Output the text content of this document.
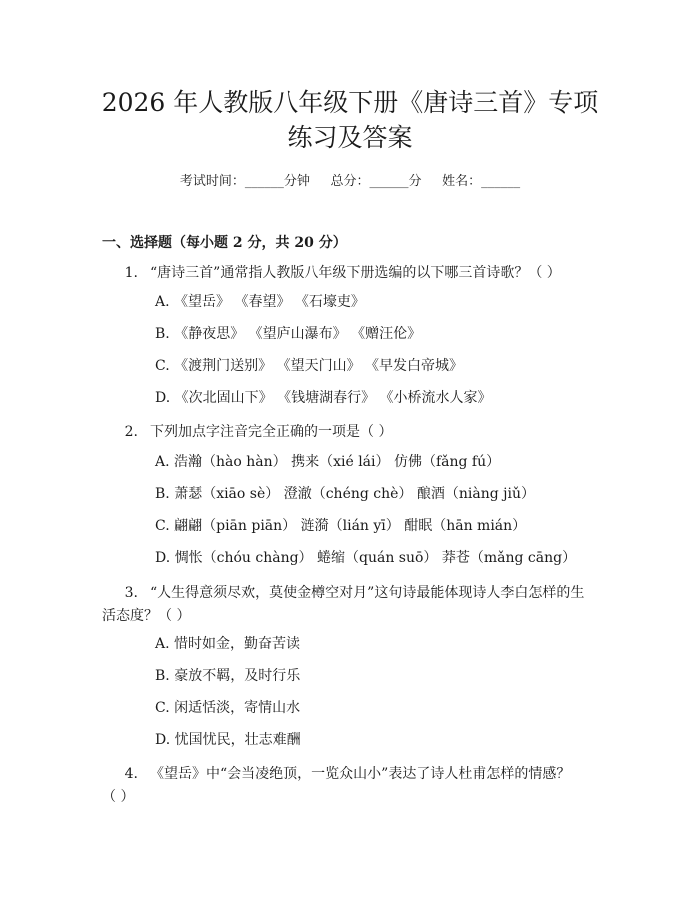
2026 年人教版八年级下册《唐诗三首》专项
练习及答案
考试时间：______分钟     总分：______分     姓名：______
一、选择题（每小题 2 分，共 20 分）
1. “唐诗三首”通常指人教版八年级下册选编的以下哪三首诗歌？（ ）
A. 《望岳》 《春望》 《石壕吏》
B. 《静夜思》 《望庐山瀑布》 《赠汪伦》
C. 《渡荆门送别》 《望天门山》 《早发白帝城》
D. 《次北固山下》 《钱塘湖春行》 《小桥流水人家》
2. 下列加点字注音完全正确的一项是（ ）
A. 浩瀚（hào hàn） 携来（xié lái） 仿佛（fǎng fú）
B. 萧瑟（xiāo sè） 澄澈（chéng chè） 酿酒（niàng jiǔ）
C. 翩翩（piān piān） 涟漪（lián yī） 酣眠（hān mián）
D. 惆怅（chóu chàng） 蜷缩（quán suō） 莽苍（mǎng cāng）
3. “人生得意须尽欢，莫使金樽空对月”这句诗最能体现诗人李白怎样的生
活态度？（ ）
A. 惜时如金，勤奋苦读
B. 豪放不羁，及时行乐
C. 闲适恬淡，寄情山水
D. 忧国忧民，壮志难酬
4. 《望岳》中“会当凌绝顶，一览众山小”表达了诗人杜甫怎样的情感？
（ ）
